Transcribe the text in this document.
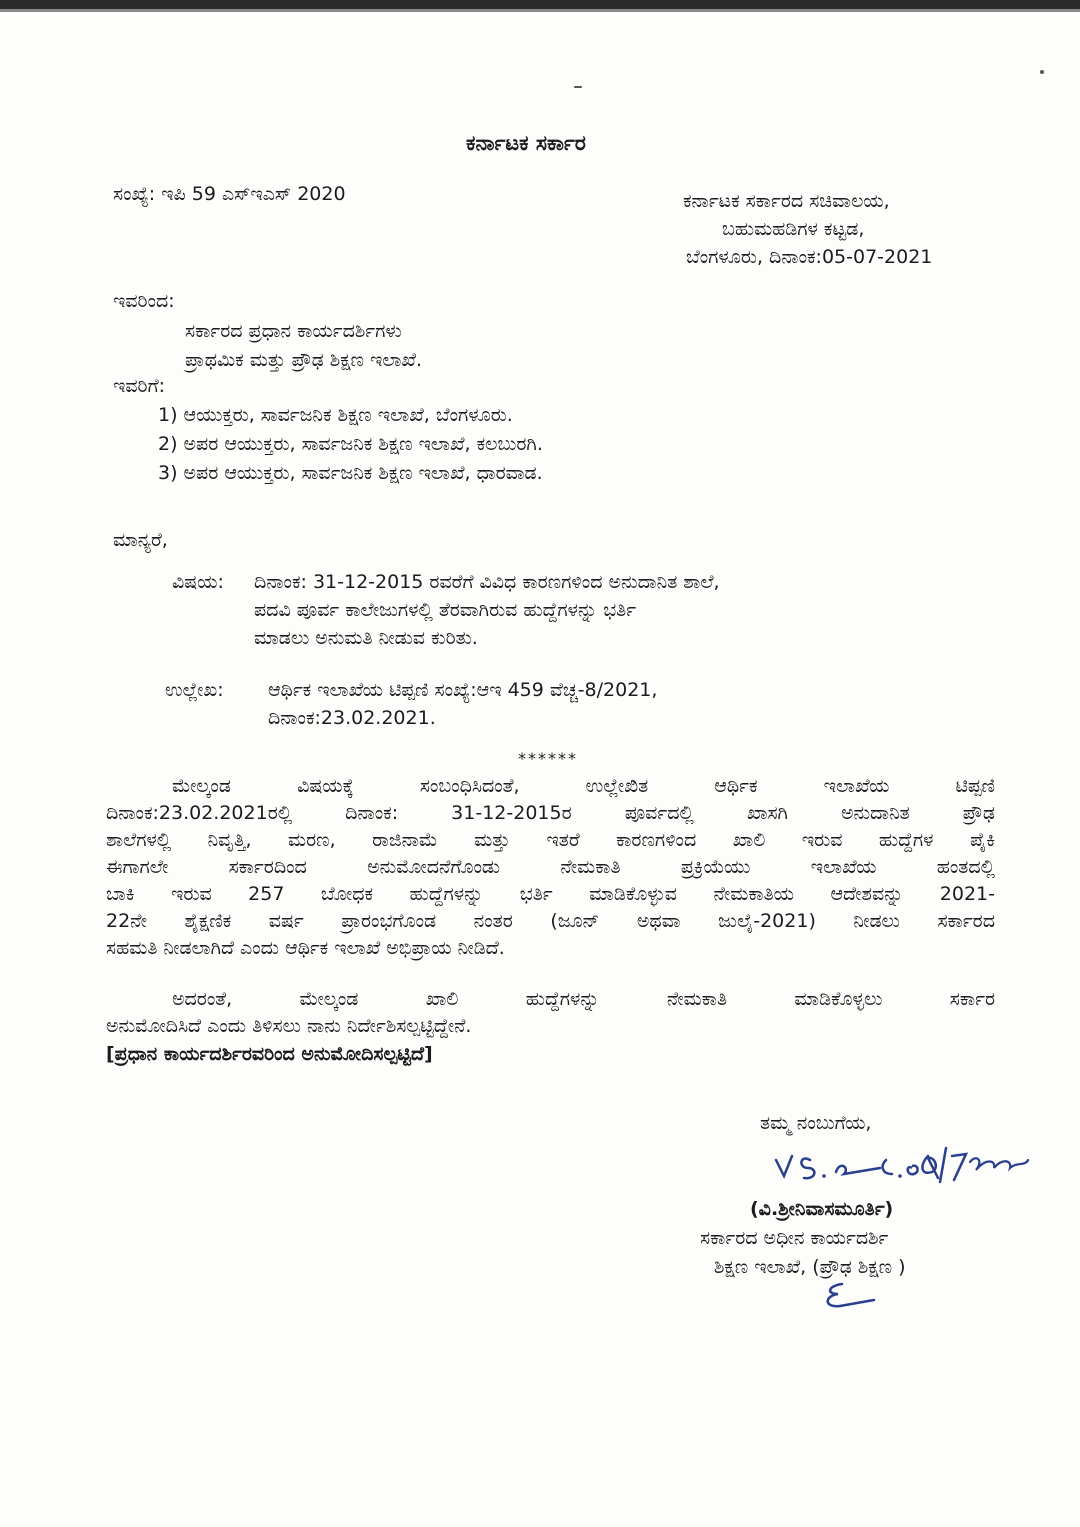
ಕರ್ನಾಟಕ ಸರ್ಕಾರ
ಸಂಖ್ಯೆ: ಇಪಿ 59 ಎಸ್‌ಇಎಸ್ 2020	ಕರ್ನಾಟಕ ಸರ್ಕಾರದ ಸಚಿವಾಲಯ,
ಬಹುಮಹಡಿಗಳ ಕಟ್ಟಡ,
ಬೆಂಗಳೂರು, ದಿನಾಂಕ:05-07-2021
ಇವರಿಂದ:
ಸರ್ಕಾರದ ಪ್ರಧಾನ ಕಾರ್ಯದರ್ಶಿಗಳು
ಪ್ರಾಥಮಿಕ ಮತ್ತು ಪ್ರೌಢ ಶಿಕ್ಷಣ ಇಲಾಖೆ.
ಇವರಿಗೆ:
1) ಆಯುಕ್ತರು, ಸಾರ್ವಜನಿಕ ಶಿಕ್ಷಣ ಇಲಾಖೆ, ಬೆಂಗಳೂರು.
2) ಅಪರ ಆಯುಕ್ತರು, ಸಾರ್ವಜನಿಕ ಶಿಕ್ಷಣ ಇಲಾಖೆ, ಕಲಬುರಗಿ.
3) ಅಪರ ಆಯುಕ್ತರು, ಸಾರ್ವಜನಿಕ ಶಿಕ್ಷಣ ಇಲಾಖೆ, ಧಾರವಾಡ.
ಮಾನ್ಯರೆ,
ವಿಷಯ: ದಿನಾಂಕ: 31-12-2015 ರವರೆಗೆ ವಿವಿಧ ಕಾರಣಗಳಿಂದ ಅನುದಾನಿತ ಶಾಲೆ,
ಪದವಿ ಪೂರ್ವ ಕಾಲೇಜುಗಳಲ್ಲಿ ತೆರವಾಗಿರುವ ಹುದ್ದೆಗಳನ್ನು ಭರ್ತಿ
ಮಾಡಲು ಅನುಮತಿ ನೀಡುವ ಕುರಿತು.
ಉಲ್ಲೇಖ: ಆರ್ಥಿಕ ಇಲಾಖೆಯ ಟಿಪ್ಪಣಿ ಸಂಖ್ಯೆ:ಆಇ 459 ವೆಚ್ಚ-8/2021,
ದಿನಾಂಕ:23.02.2021.
******
ಮೇಲ್ಕಂಡ ವಿಷಯಕ್ಕೆ ಸಂಬಂಧಿಸಿದಂತೆ, ಉಲ್ಲೇಖಿತ ಆರ್ಥಿಕ ಇಲಾಖೆಯ ಟಿಪ್ಪಣಿ
ದಿನಾಂಕ:23.02.2021ರಲ್ಲಿ ದಿನಾಂಕ: 31-12-2015ರ ಪೂರ್ವದಲ್ಲಿ ಖಾಸಗಿ ಅನುದಾನಿತ ಪ್ರೌಢ
ಶಾಲೆಗಳಲ್ಲಿ ನಿವೃತ್ತಿ, ಮರಣ, ರಾಜಿನಾಮೆ ಮತ್ತು ಇತರೆ ಕಾರಣಗಳಿಂದ ಖಾಲಿ ಇರುವ ಹುದ್ದೆಗಳ ಪೈಕಿ
ಈಗಾಗಲೇ ಸರ್ಕಾರದಿಂದ ಅನುಮೋದನೆಗೊಂಡು ನೇಮಕಾತಿ ಪ್ರಕ್ರಿಯೆಯು ಇಲಾಖೆಯ ಹಂತದಲ್ಲಿ
ಬಾಕಿ ಇರುವ 257 ಬೋಧಕ ಹುದ್ದೆಗಳನ್ನು ಭರ್ತಿ ಮಾಡಿಕೊಳ್ಳುವ ನೇಮಕಾತಿಯ ಆದೇಶವನ್ನು 2021-
22ನೇ ಶೈಕ್ಷಣಿಕ ವರ್ಷ ಪ್ರಾರಂಭಗೊಂಡ ನಂತರ (ಜೂನ್ ಅಥವಾ ಜುಲೈ-2021) ನೀಡಲು ಸರ್ಕಾರದ
ಸಹಮತಿ ನೀಡಲಾಗಿದೆ ಎಂದು ಆರ್ಥಿಕ ಇಲಾಖೆ ಅಭಿಪ್ರಾಯ ನೀಡಿದೆ.
ಅದರಂತೆ, ಮೇಲ್ಕಂಡ ಖಾಲಿ ಹುದ್ದೆಗಳನ್ನು ನೇಮಕಾತಿ ಮಾಡಿಕೊಳ್ಳಲು ಸರ್ಕಾರ
ಅನುಮೋದಿಸಿದೆ ಎಂದು ತಿಳಿಸಲು ನಾನು ನಿರ್ದೇಶಿಸಲ್ಪಟ್ಟಿದ್ದೇನೆ.
[ಪ್ರಧಾನ ಕಾರ್ಯದರ್ಶಿರವರಿಂದ ಅನುಮೋದಿಸಲ್ಪಟ್ಟಿದೆ]
ತಮ್ಮ ನಂಬುಗೆಯ,
(ವಿ.ಶ್ರೀನಿವಾಸಮೂರ್ತಿ)
ಸರ್ಕಾರದ ಅಧೀನ ಕಾರ್ಯದರ್ಶಿ
ಶಿಕ್ಷಣ ಇಲಾಖೆ, (ಪ್ರೌಢ ಶಿಕ್ಷಣ )
